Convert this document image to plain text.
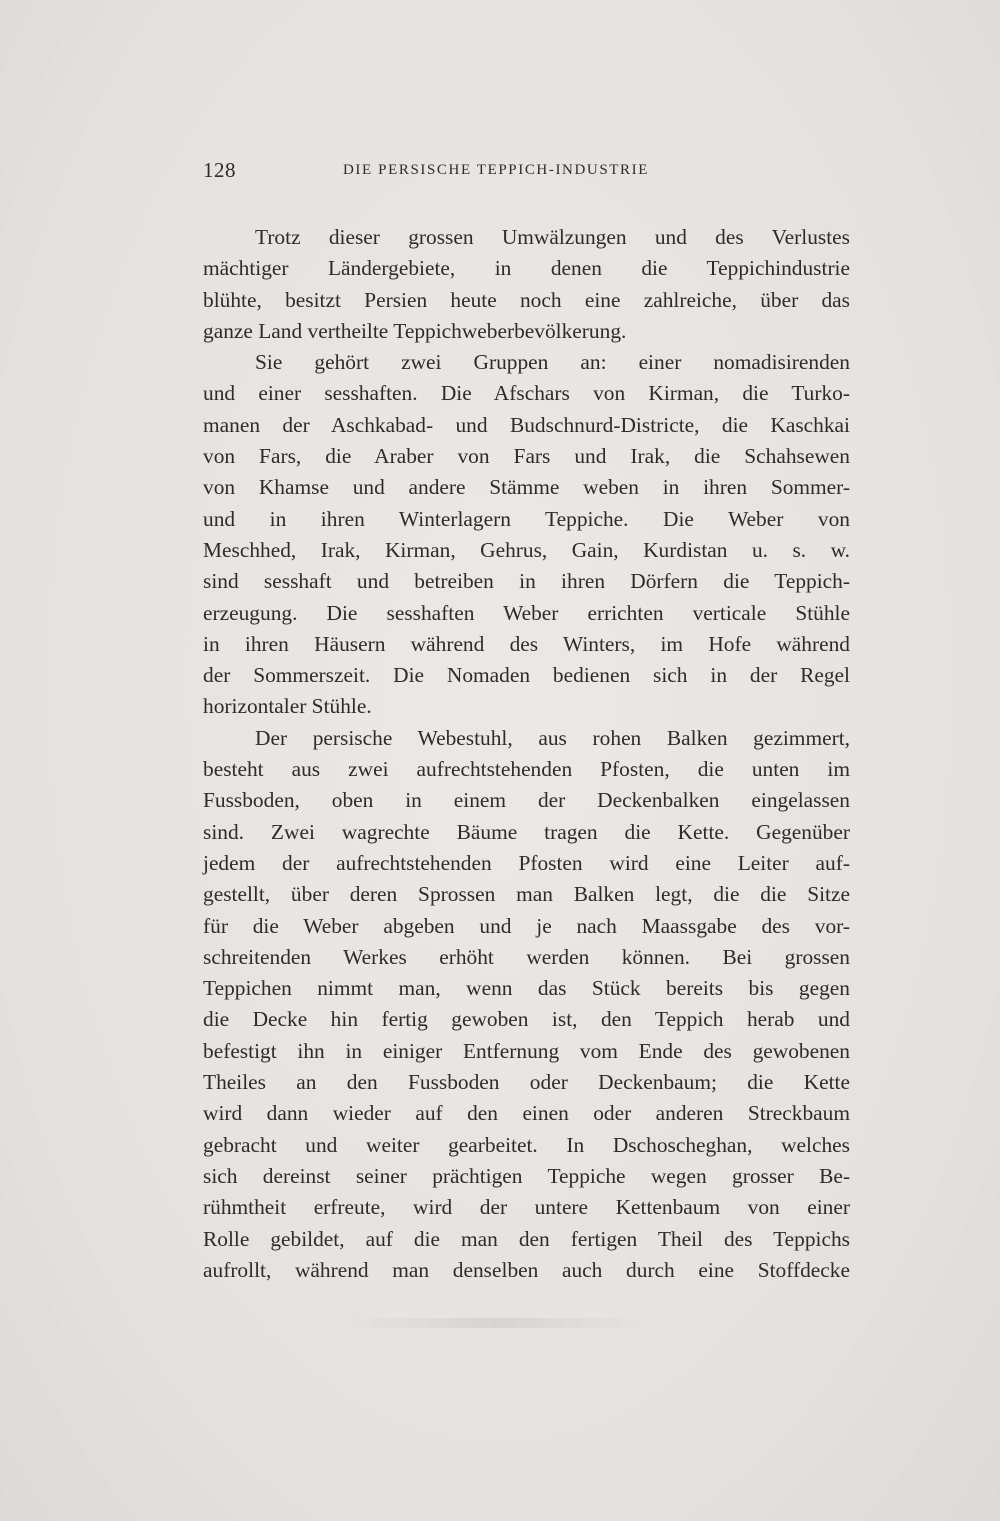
128	DIE PERSISCHE TEPPICH-INDUSTRIE
Trotz dieser grossen Umwälzungen und des Verlustes
mächtiger Ländergebiete, in denen die Teppichindustrie
blühte, besitzt Persien heute noch eine zahlreiche, über das
ganze Land vertheilte Teppichweberbevölkerung.
Sie gehört zwei Gruppen an: einer nomadisirenden
und einer sesshaften. Die Afschars von Kirman, die Turko-
manen der Aschkabad- und Budschnurd-Districte, die Kaschkai
von Fars, die Araber von Fars und Irak, die Schahsewen
von Khamse und andere Stämme weben in ihren Sommer-
und in ihren Winterlagern Teppiche. Die Weber von
Meschhed, Irak, Kirman, Gehrus, Gain, Kurdistan u. s. w.
sind sesshaft und betreiben in ihren Dörfern die Teppich-
erzeugung. Die sesshaften Weber errichten verticale Stühle
in ihren Häusern während des Winters, im Hofe während
der Sommerszeit. Die Nomaden bedienen sich in der Regel
horizontaler Stühle.
Der persische Webestuhl, aus rohen Balken gezimmert,
besteht aus zwei aufrechtstehenden Pfosten, die unten im
Fussboden, oben in einem der Deckenbalken eingelassen
sind. Zwei wagrechte Bäume tragen die Kette. Gegenüber
jedem der aufrechtstehenden Pfosten wird eine Leiter auf-
gestellt, über deren Sprossen man Balken legt, die die Sitze
für die Weber abgeben und je nach Maassgabe des vor-
schreitenden Werkes erhöht werden können. Bei grossen
Teppichen nimmt man, wenn das Stück bereits bis gegen
die Decke hin fertig gewoben ist, den Teppich herab und
befestigt ihn in einiger Entfernung vom Ende des gewobenen
Theiles an den Fussboden oder Deckenbaum; die Kette
wird dann wieder auf den einen oder anderen Streckbaum
gebracht und weiter gearbeitet. In Dschoscheghan, welches
sich dereinst seiner prächtigen Teppiche wegen grosser Be-
rühmtheit erfreute, wird der untere Kettenbaum von einer
Rolle gebildet, auf die man den fertigen Theil des Teppichs
aufrollt, während man denselben auch durch eine Stoffdecke
